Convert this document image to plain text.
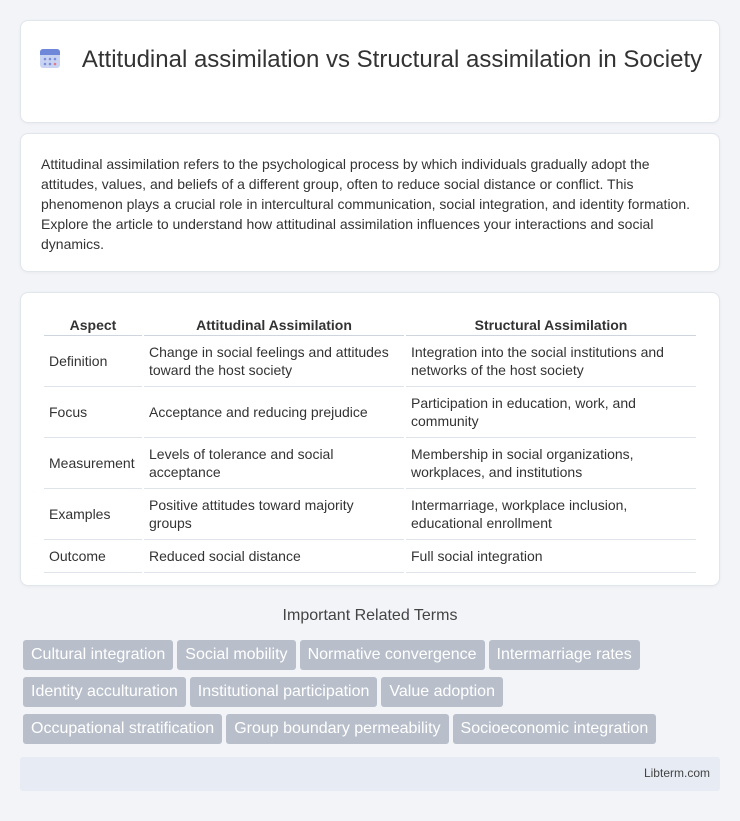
Attitudinal assimilation vs Structural assimilation in Society

Attitudinal assimilation refers to the psychological process by which individuals gradually adopt the attitudes, values, and beliefs of a different group, often to reduce social distance or conflict. This phenomenon plays a crucial role in intercultural communication, social integration, and identity formation. Explore the article to understand how attitudinal assimilation influences your interactions and social dynamics.

Aspect	Attitudinal Assimilation	Structural Assimilation
Definition	Change in social feelings and attitudes toward the host society	Integration into the social institutions and networks of the host society
Focus	Acceptance and reducing prejudice	Participation in education, work, and community
Measurement	Levels of tolerance and social acceptance	Membership in social organizations, workplaces, and institutions
Examples	Positive attitudes toward majority groups	Intermarriage, workplace inclusion, educational enrollment
Outcome	Reduced social distance	Full social integration
Important Related Terms
Cultural integration Social mobility Normative convergence Intermarriage rates
Identity acculturation Institutional participation Value adoption
Occupational stratification Group boundary permeability Socioeconomic integration
Libterm.com
